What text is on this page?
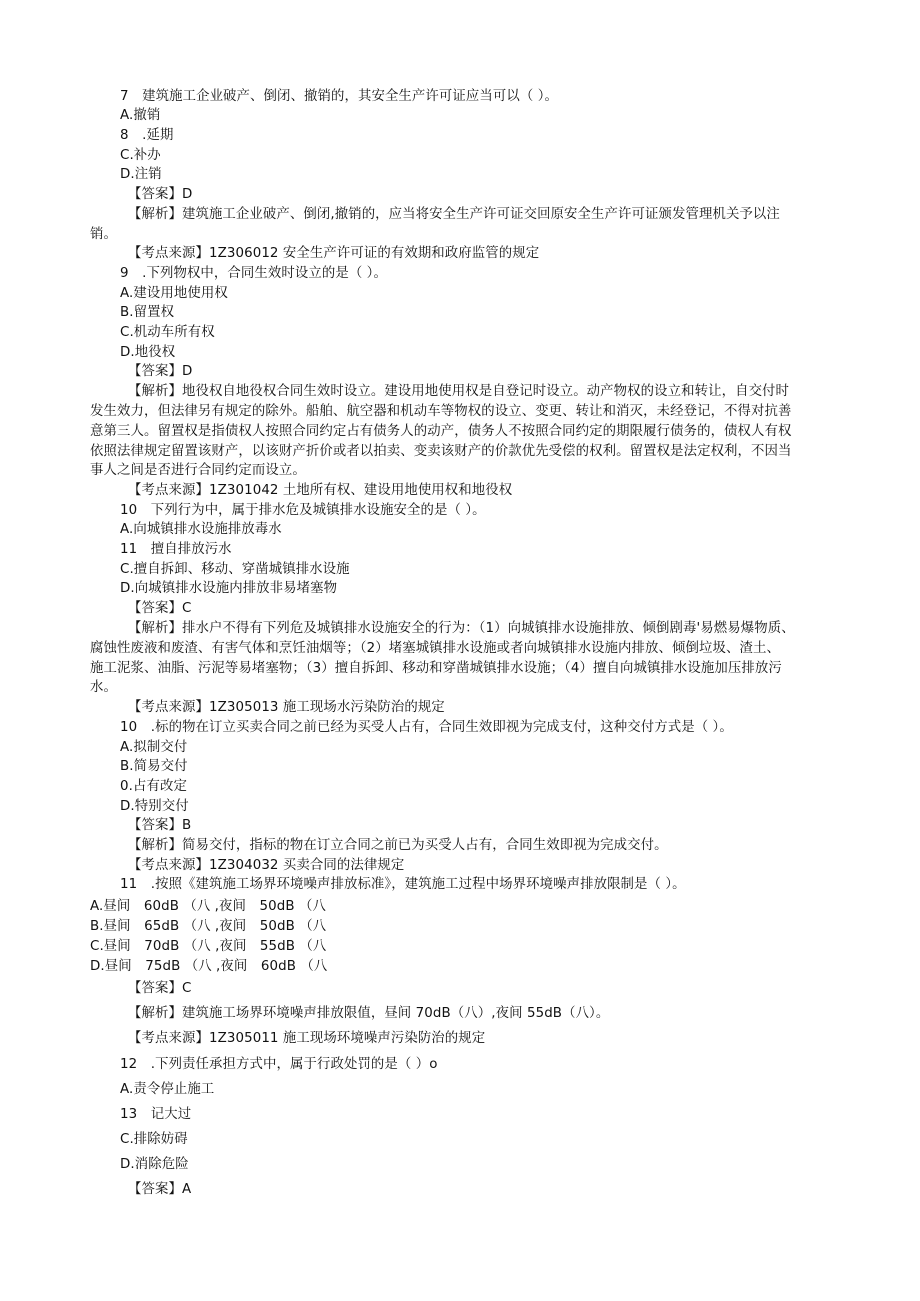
7　建筑施工企业破产、倒闭、撤销的，其安全生产许可证应当可以（ ）。
A.撤销
8　.延期
C.补办
D.注销
【答案】D
【解析】建筑施工企业破产、倒闭,撤销的，应当将安全生产许可证交回原安全生产许可证颁发管理机关予以注
销。
【考点来源】1Z306012 安全生产许可证的有效期和政府监管的规定
9　.下列物权中，合同生效时设立的是（ ）。
A.建设用地使用权
B.留置权
C.机动车所有权
D.地役权
【答案】D
【解析】地役权自地役权合同生效时设立。建设用地使用权是自登记时设立。动产物权的设立和转让，自交付时
发生效力，但法律另有规定的除外。船舶、航空器和机动车等物权的设立、变更、转让和消灭，未经登记，不得对抗善
意第三人。留置权是指债权人按照合同约定占有债务人的动产，债务人不按照合同约定的期限履行债务的，债权人有权
依照法律规定留置该财产，以该财产折价或者以拍卖、变卖该财产的价款优先受偿的权利。留置权是法定权利，不因当
事人之间是否进行合同约定而设立。
【考点来源】1Z301042 土地所有权、建设用地使用权和地役权
10　下列行为中，属于排水危及城镇排水设施安全的是（ ）。
A.向城镇排水设施排放毒水
11　擅自排放污水
C.擅自拆卸、移动、穿凿城镇排水设施
D.向城镇排水设施内排放非易堵塞物
【答案】C
【解析】排水户不得有下列危及城镇排水设施安全的行为：（1）向城镇排水设施排放、倾倒剧毒'易燃易爆物质、
腐蚀性废液和废渣、有害气体和烹饪油烟等；（2）堵塞城镇排水设施或者向城镇排水设施内排放、倾倒垃圾、渣土、
施工泥浆、油脂、污泥等易堵塞物；（3）擅自拆卸、移动和穿凿城镇排水设施；（4）擅自向城镇排水设施加压排放污
水。
【考点来源】1Z305013 施工现场水污染防治的规定
10　.标的物在订立买卖合同之前已经为买受人占有，合同生效即视为完成支付，这种交付方式是（ ）。
A.拟制交付
B.简易交付
0.占有改定
D.特别交付
【答案】B
【解析】简易交付，指标的物在订立合同之前已为买受人占有，合同生效即视为完成交付。
【考点来源】1Z304032 买卖合同的法律规定
11　.按照《建筑施工场界环境噪声排放标准》，建筑施工过程中场界环境噪声排放限制是（ ）。
A.昼间　60dB （八 ,夜间　50dB （八
B.昼间　65dB （八 ,夜间　50dB （八
C.昼间　70dB （八 ,夜间　55dB （八
D.昼间　75dB （八 ,夜间　60dB （八
【答案】C
【解析】建筑施工场界环境噪声排放限值，昼间 70dB（八）,夜间 55dB（八）。
【考点来源】1Z305011 施工现场环境噪声污染防治的规定
12　.下列责任承担方式中，属于行政处罚的是（ ）o
A.责令停止施工
13　记大过
C.排除妨碍
D.消除危险
【答案】A
